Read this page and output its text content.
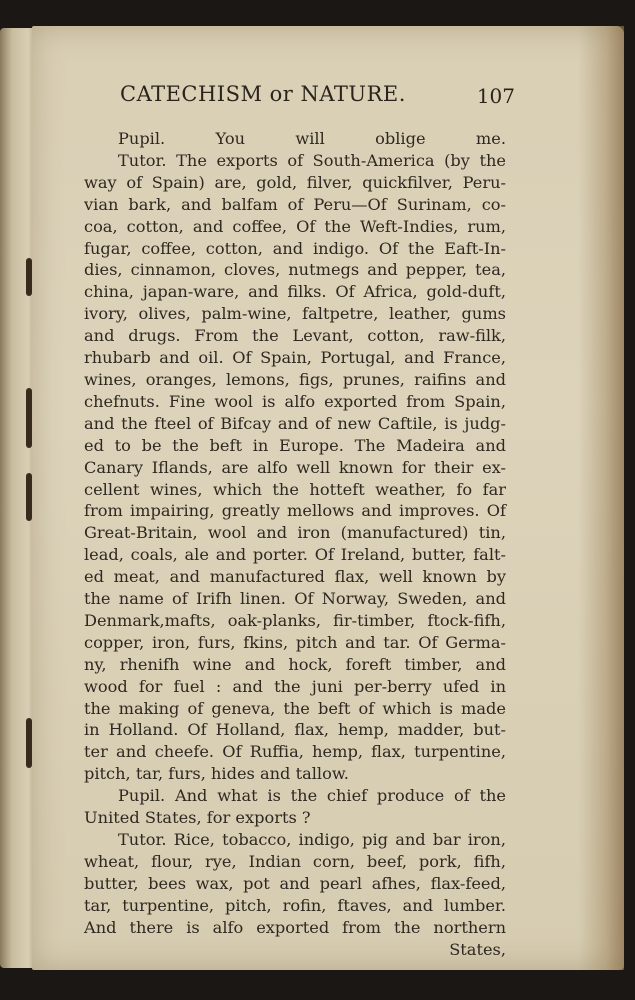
CATECHISM or NATURE.	107
Pupil. You will oblige me.
Tutor. The exports of South-America (by the
way of Spain) are, gold, filver, quickfilver, Peru-
vian bark, and balfam of Peru—Of Surinam, co-
coa, cotton, and coffee, Of the Weft-Indies, rum,
fugar, coffee, cotton, and indigo. Of the Eaft-In-
dies, cinnamon, cloves, nutmegs and pepper, tea,
china, japan-ware, and filks. Of Africa, gold-duft,
ivory, olives, palm-wine, faltpetre, leather, gums
and drugs. From the Levant, cotton, raw-filk,
rhubarb and oil. Of Spain, Portugal, and France,
wines, oranges, lemons, figs, prunes, raifins and
chefnuts. Fine wool is alfo exported from Spain,
and the fteel of Bifcay and of new Caftile, is judg-
ed to be the beft in Europe. The Madeira and
Canary Iflands, are alfo well known for their ex-
cellent wines, which the hotteft weather, fo far
from impairing, greatly mellows and improves. Of
Great-Britain, wool and iron (manufactured) tin,
lead, coals, ale and porter. Of Ireland, butter, falt-
ed meat, and manufactured flax, well known by
the name of Irifh linen. Of Norway, Sweden, and
Denmark,mafts, oak-planks, fir-timber, ftock-fifh,
copper, iron, furs, fkins, pitch and tar. Of Germa-
ny, rhenifh wine and hock, foreft timber, and
wood for fuel : and the juni per-berry ufed in
the making of geneva, the beft of which is made
in Holland. Of Holland, flax, hemp, madder, but-
ter and cheefe. Of Ruffia, hemp, flax, turpentine,
pitch, tar, furs, hides and tallow.
Pupil. And what is the chief produce of the
United States, for exports ?
Tutor. Rice, tobacco, indigo, pig and bar iron,
wheat, flour, rye, Indian corn, beef, pork, fifh,
butter, bees wax, pot and pearl afhes, flax-feed,
tar, turpentine, pitch, rofin, ftaves, and lumber.
And there is alfo exported from the northern
States,
